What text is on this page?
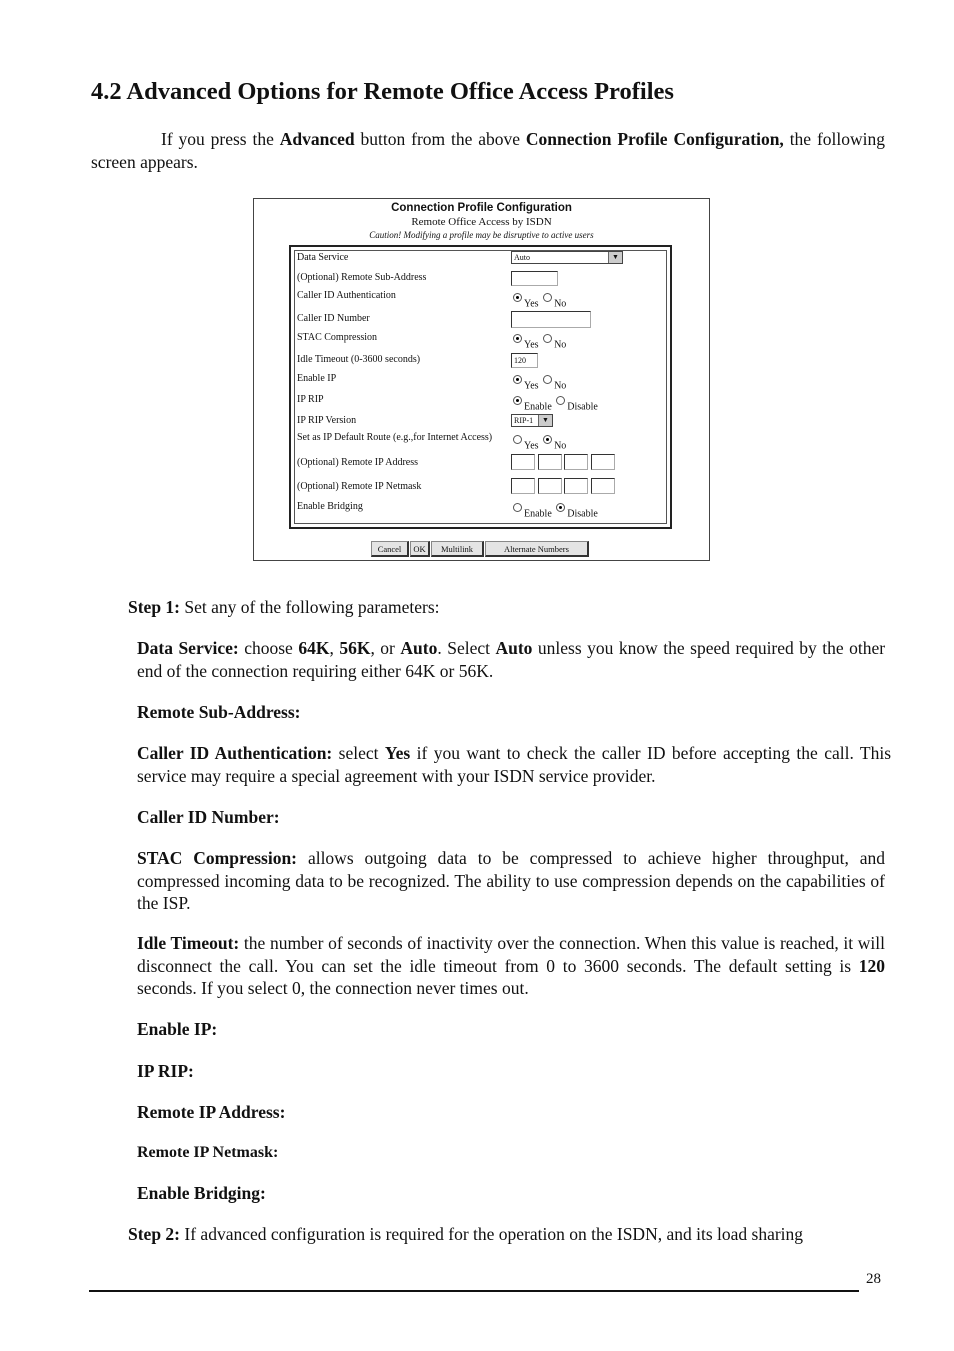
4.2 Advanced Options for Remote Office Access Profiles
If you press the Advanced button from the above Connection Profile Configuration, the following screen appears.
Connection Profile Configuration
Remote Office Access by ISDN
Caution! Modifying a profile may be disruptive to active users
Data Service	Auto	▼
(Optional) Remote Sub-Address
Caller ID Authentication
Yes No
Caller ID Number
STAC Compression
Yes No
Idle Timeout (0-3600 seconds)	120
Enable IP
Yes No
IP RIP
Enable Disable
IP RIP Version	RIP-1	▼
Set as IP Default Route (e.g.,for Internet Access)
Yes No
(Optional) Remote IP Address

(Optional) Remote IP Netmask

Enable Bridging
Enable Disable
Cancel	OK	Multilink	Alternate Numbers
Step 1: Set any of the following parameters:
Data Service: choose 64K, 56K, or Auto. Select Auto unless you know the speed required by the other end of the connection requiring either 64K or 56K.
Remote Sub-Address:
Caller ID Authentication: select Yes if you want to check the caller ID before accepting the call. This service may require a special agreement with your ISDN service provider.
Caller ID Number:
STAC Compression: allows outgoing data to be compressed to achieve higher throughput, and compressed incoming data to be recognized. The ability to use compression depends on the capabilities of the ISP.
Idle Timeout: the number of seconds of inactivity over the connection. When this value is reached, it will disconnect the call. You can set the idle timeout from 0 to 3600 seconds. The default setting is 120 seconds. If you select 0, the connection never times out.
Enable IP:
IP RIP:
Remote IP Address:
Remote IP Netmask:
Enable Bridging:
Step 2: If advanced configuration is required for the operation on the ISDN, and its load sharing
28
